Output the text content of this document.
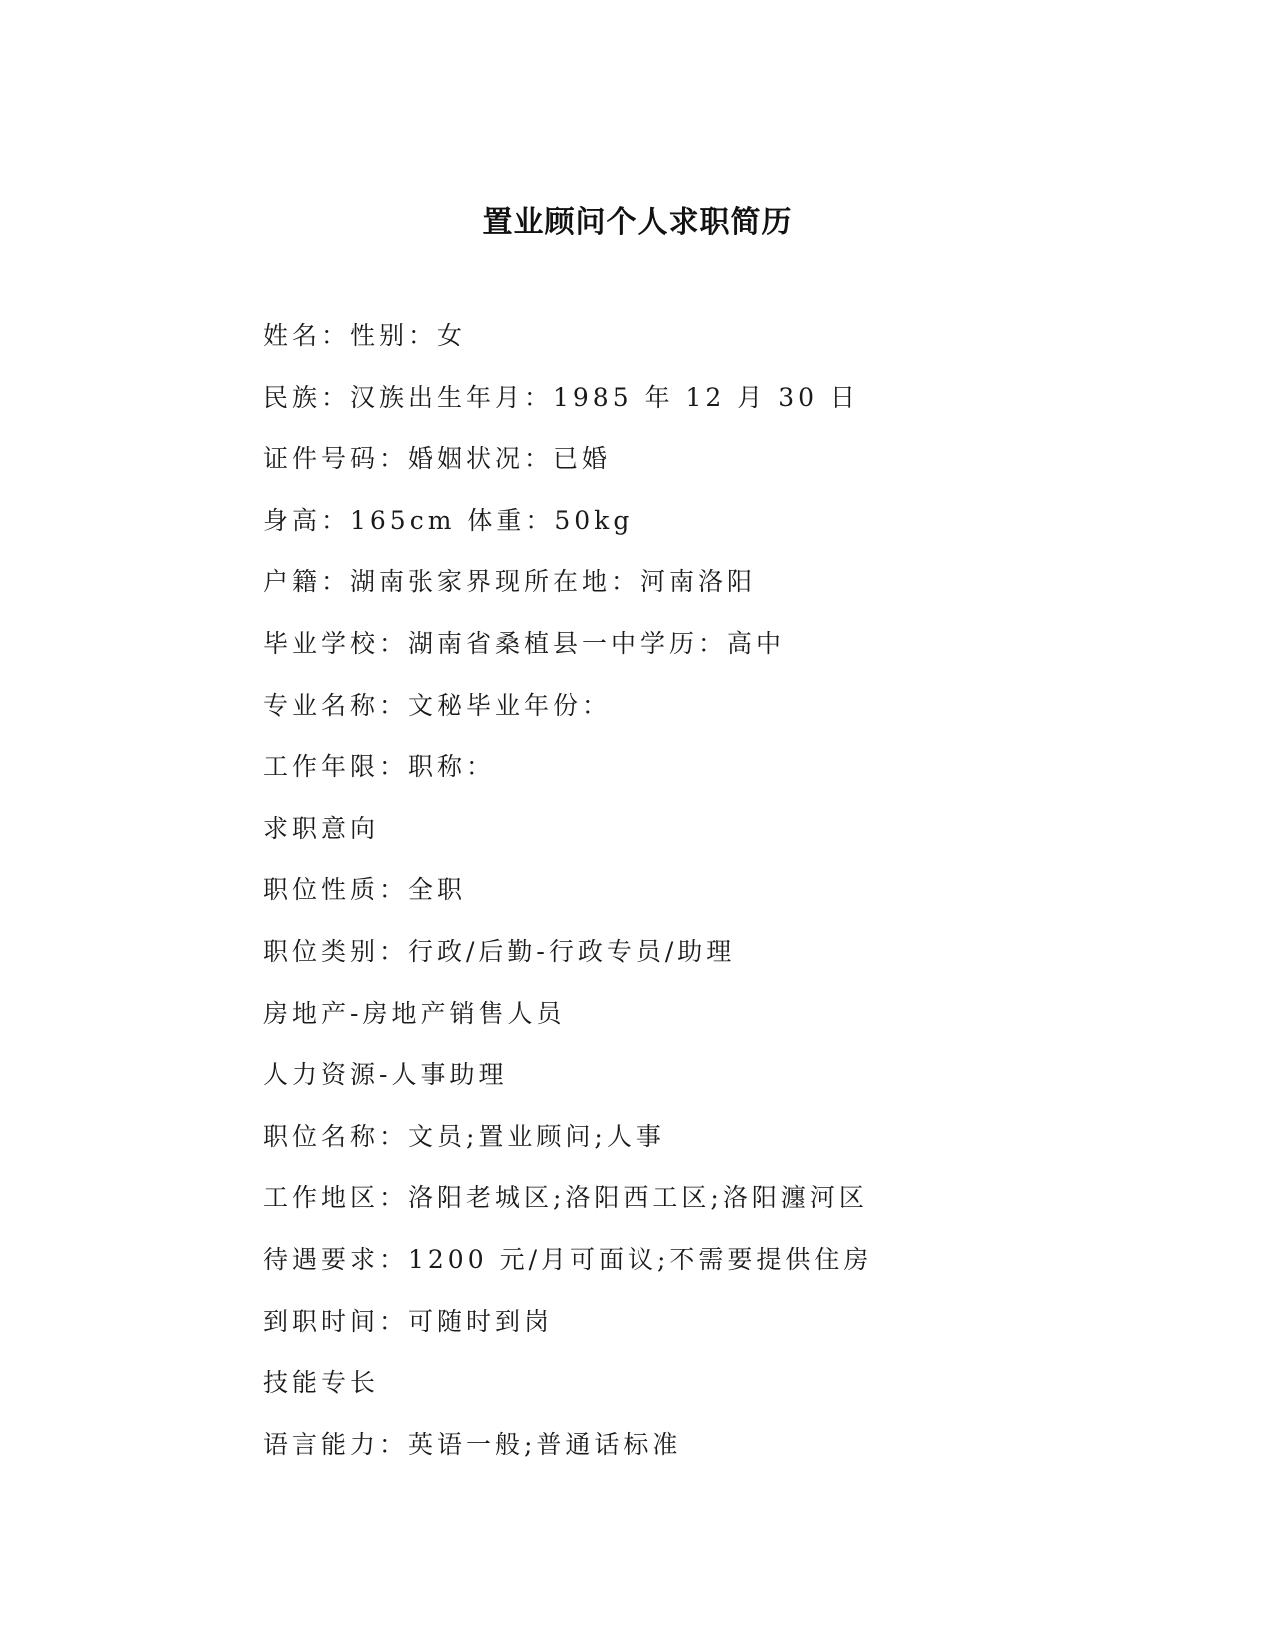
置业顾问个人求职简历
姓名：性别：女
民族：汉族出生年月：1985 年 12 月 30 日
证件号码：婚姻状况：已婚
身高：165cm 体重：50kg
户籍：湖南张家界现所在地：河南洛阳
毕业学校：湖南省桑植县一中学历：高中
专业名称：文秘毕业年份：
工作年限：职称：
求职意向
职位性质：全职
职位类别：行政/后勤-行政专员/助理
房地产-房地产销售人员
人力资源-人事助理
职位名称：文员;置业顾问;人事
工作地区：洛阳老城区;洛阳西工区;洛阳瀍河区
待遇要求：1200 元/月可面议;不需要提供住房
到职时间：可随时到岗
技能专长
语言能力：英语一般;普通话标准
